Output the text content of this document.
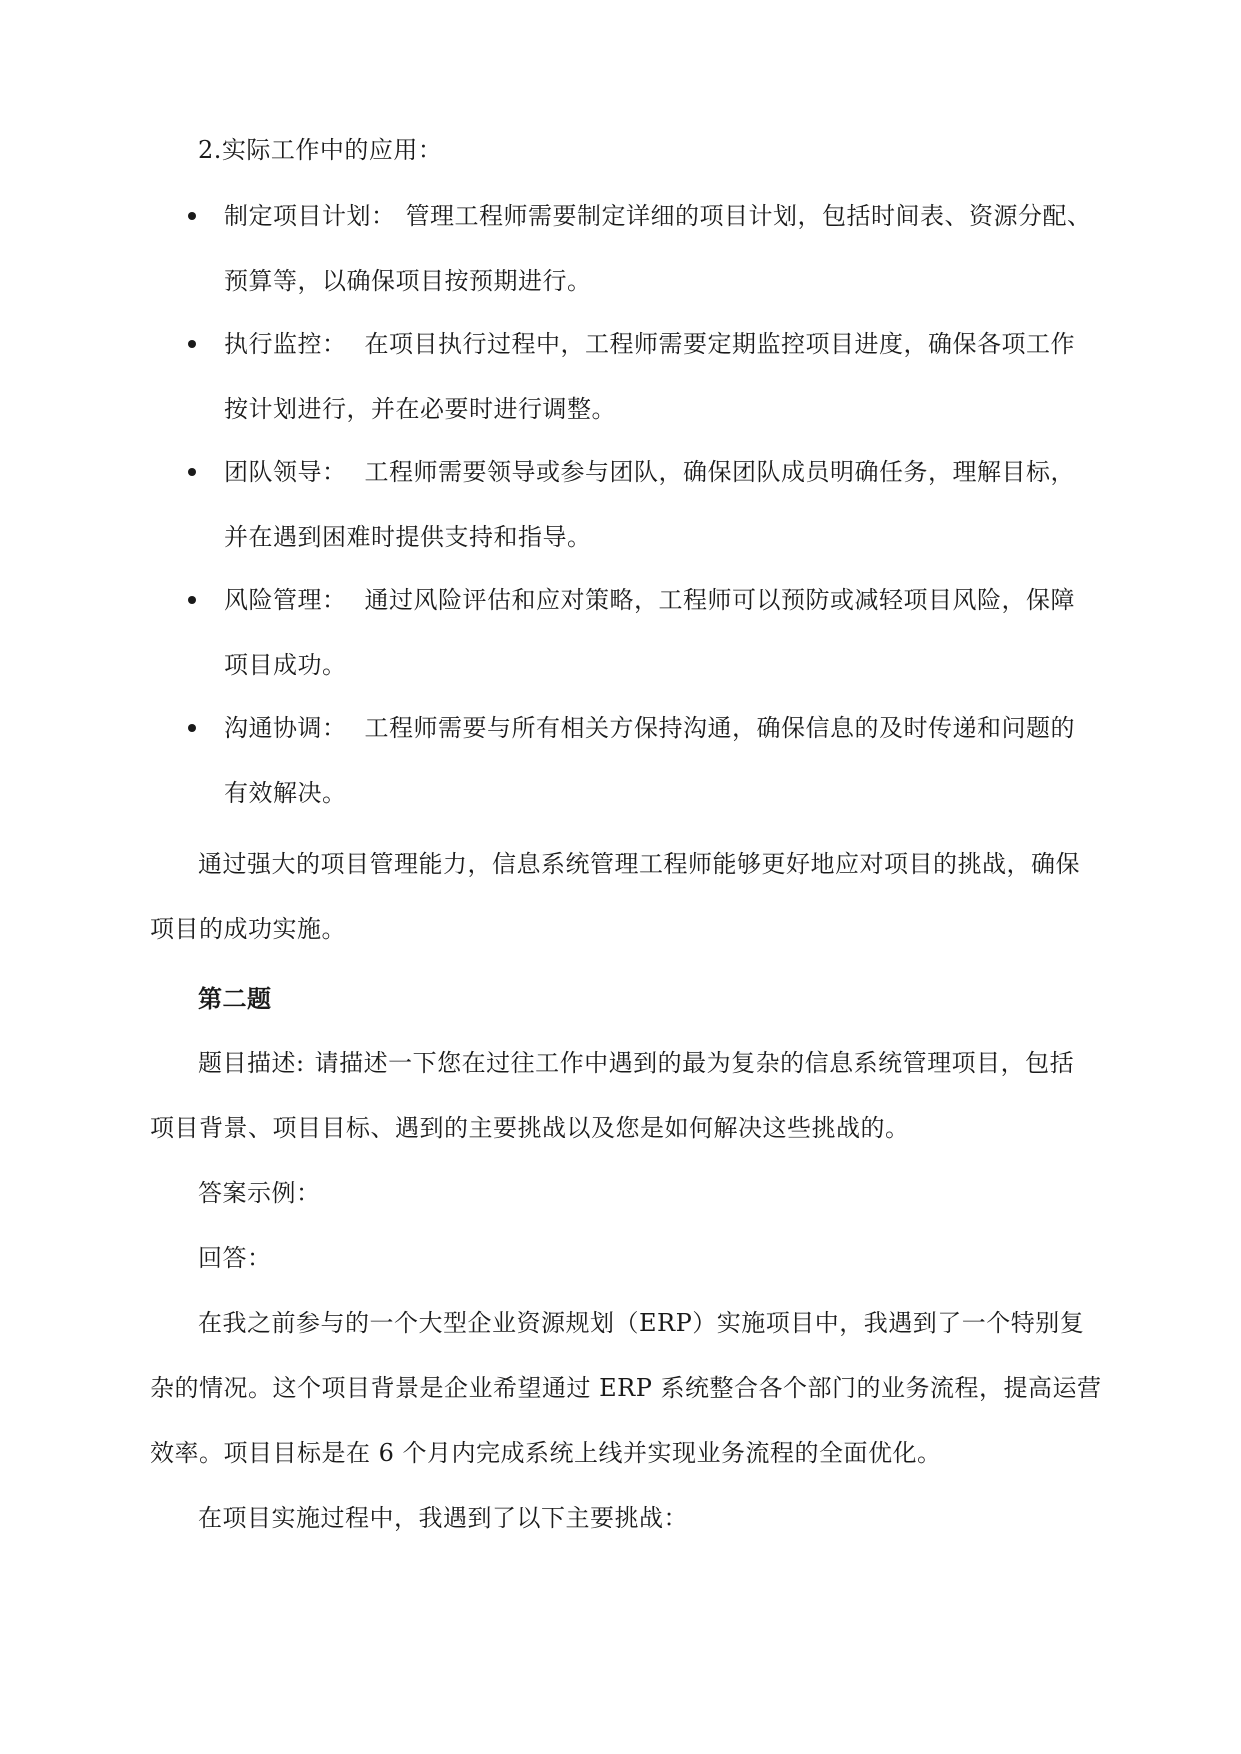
2.实际工作中的应用：
制定项目计划： 管理工程师需要制定详细的项目计划，包括时间表、资源分配、
预算等，以确保项目按预期进行。
执行监控： 在项目执行过程中，工程师需要定期监控项目进度，确保各项工作
按计划进行，并在必要时进行调整。
团队领导： 工程师需要领导或参与团队，确保团队成员明确任务，理解目标，
并在遇到困难时提供支持和指导。
风险管理： 通过风险评估和应对策略，工程师可以预防或减轻项目风险，保障
项目成功。
沟通协调： 工程师需要与所有相关方保持沟通，确保信息的及时传递和问题的
有效解决。
通过强大的项目管理能力，信息系统管理工程师能够更好地应对项目的挑战，确保
项目的成功实施。
第二题
题目描述: 请描述一下您在过往工作中遇到的最为复杂的信息系统管理项目，包括
项目背景、项目目标、遇到的主要挑战以及您是如何解决这些挑战的。
答案示例：
回答：
在我之前参与的一个大型企业资源规划（ERP）实施项目中，我遇到了一个特别复
杂的情况。这个项目背景是企业希望通过 ERP 系统整合各个部门的业务流程，提高运营
效率。项目目标是在 6 个月内完成系统上线并实现业务流程的全面优化。
在项目实施过程中，我遇到了以下主要挑战：
